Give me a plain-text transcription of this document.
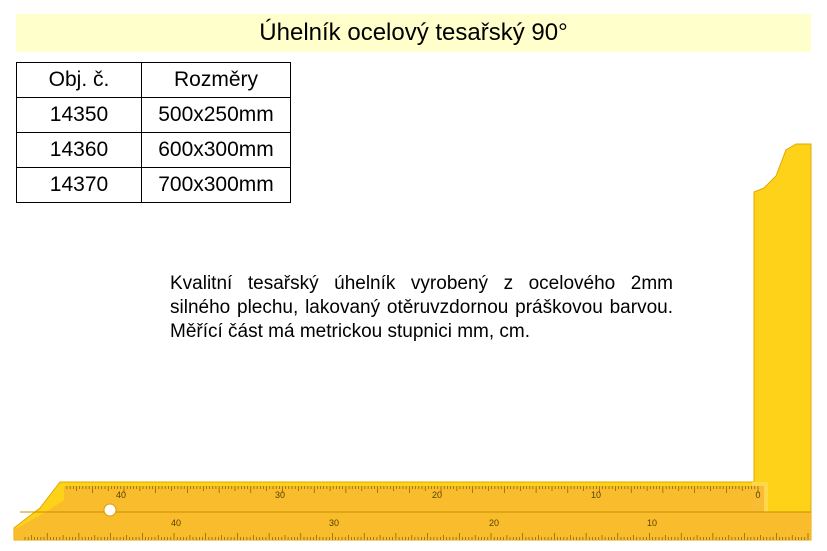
Úhelník ocelový tesařský 90°
Obj. č.	Rozměry
14350	500x250mm
14360	600x300mm
14370	700x300mm
Kvalitní tesařský úhelník vyrobený z ocelového 2mm silného plechu, lakovaný otěruvzdornou práškovou barvou. Měřící část má metrickou stupnici mm, cm.
0
10
20
30
40
10
20
30
40
